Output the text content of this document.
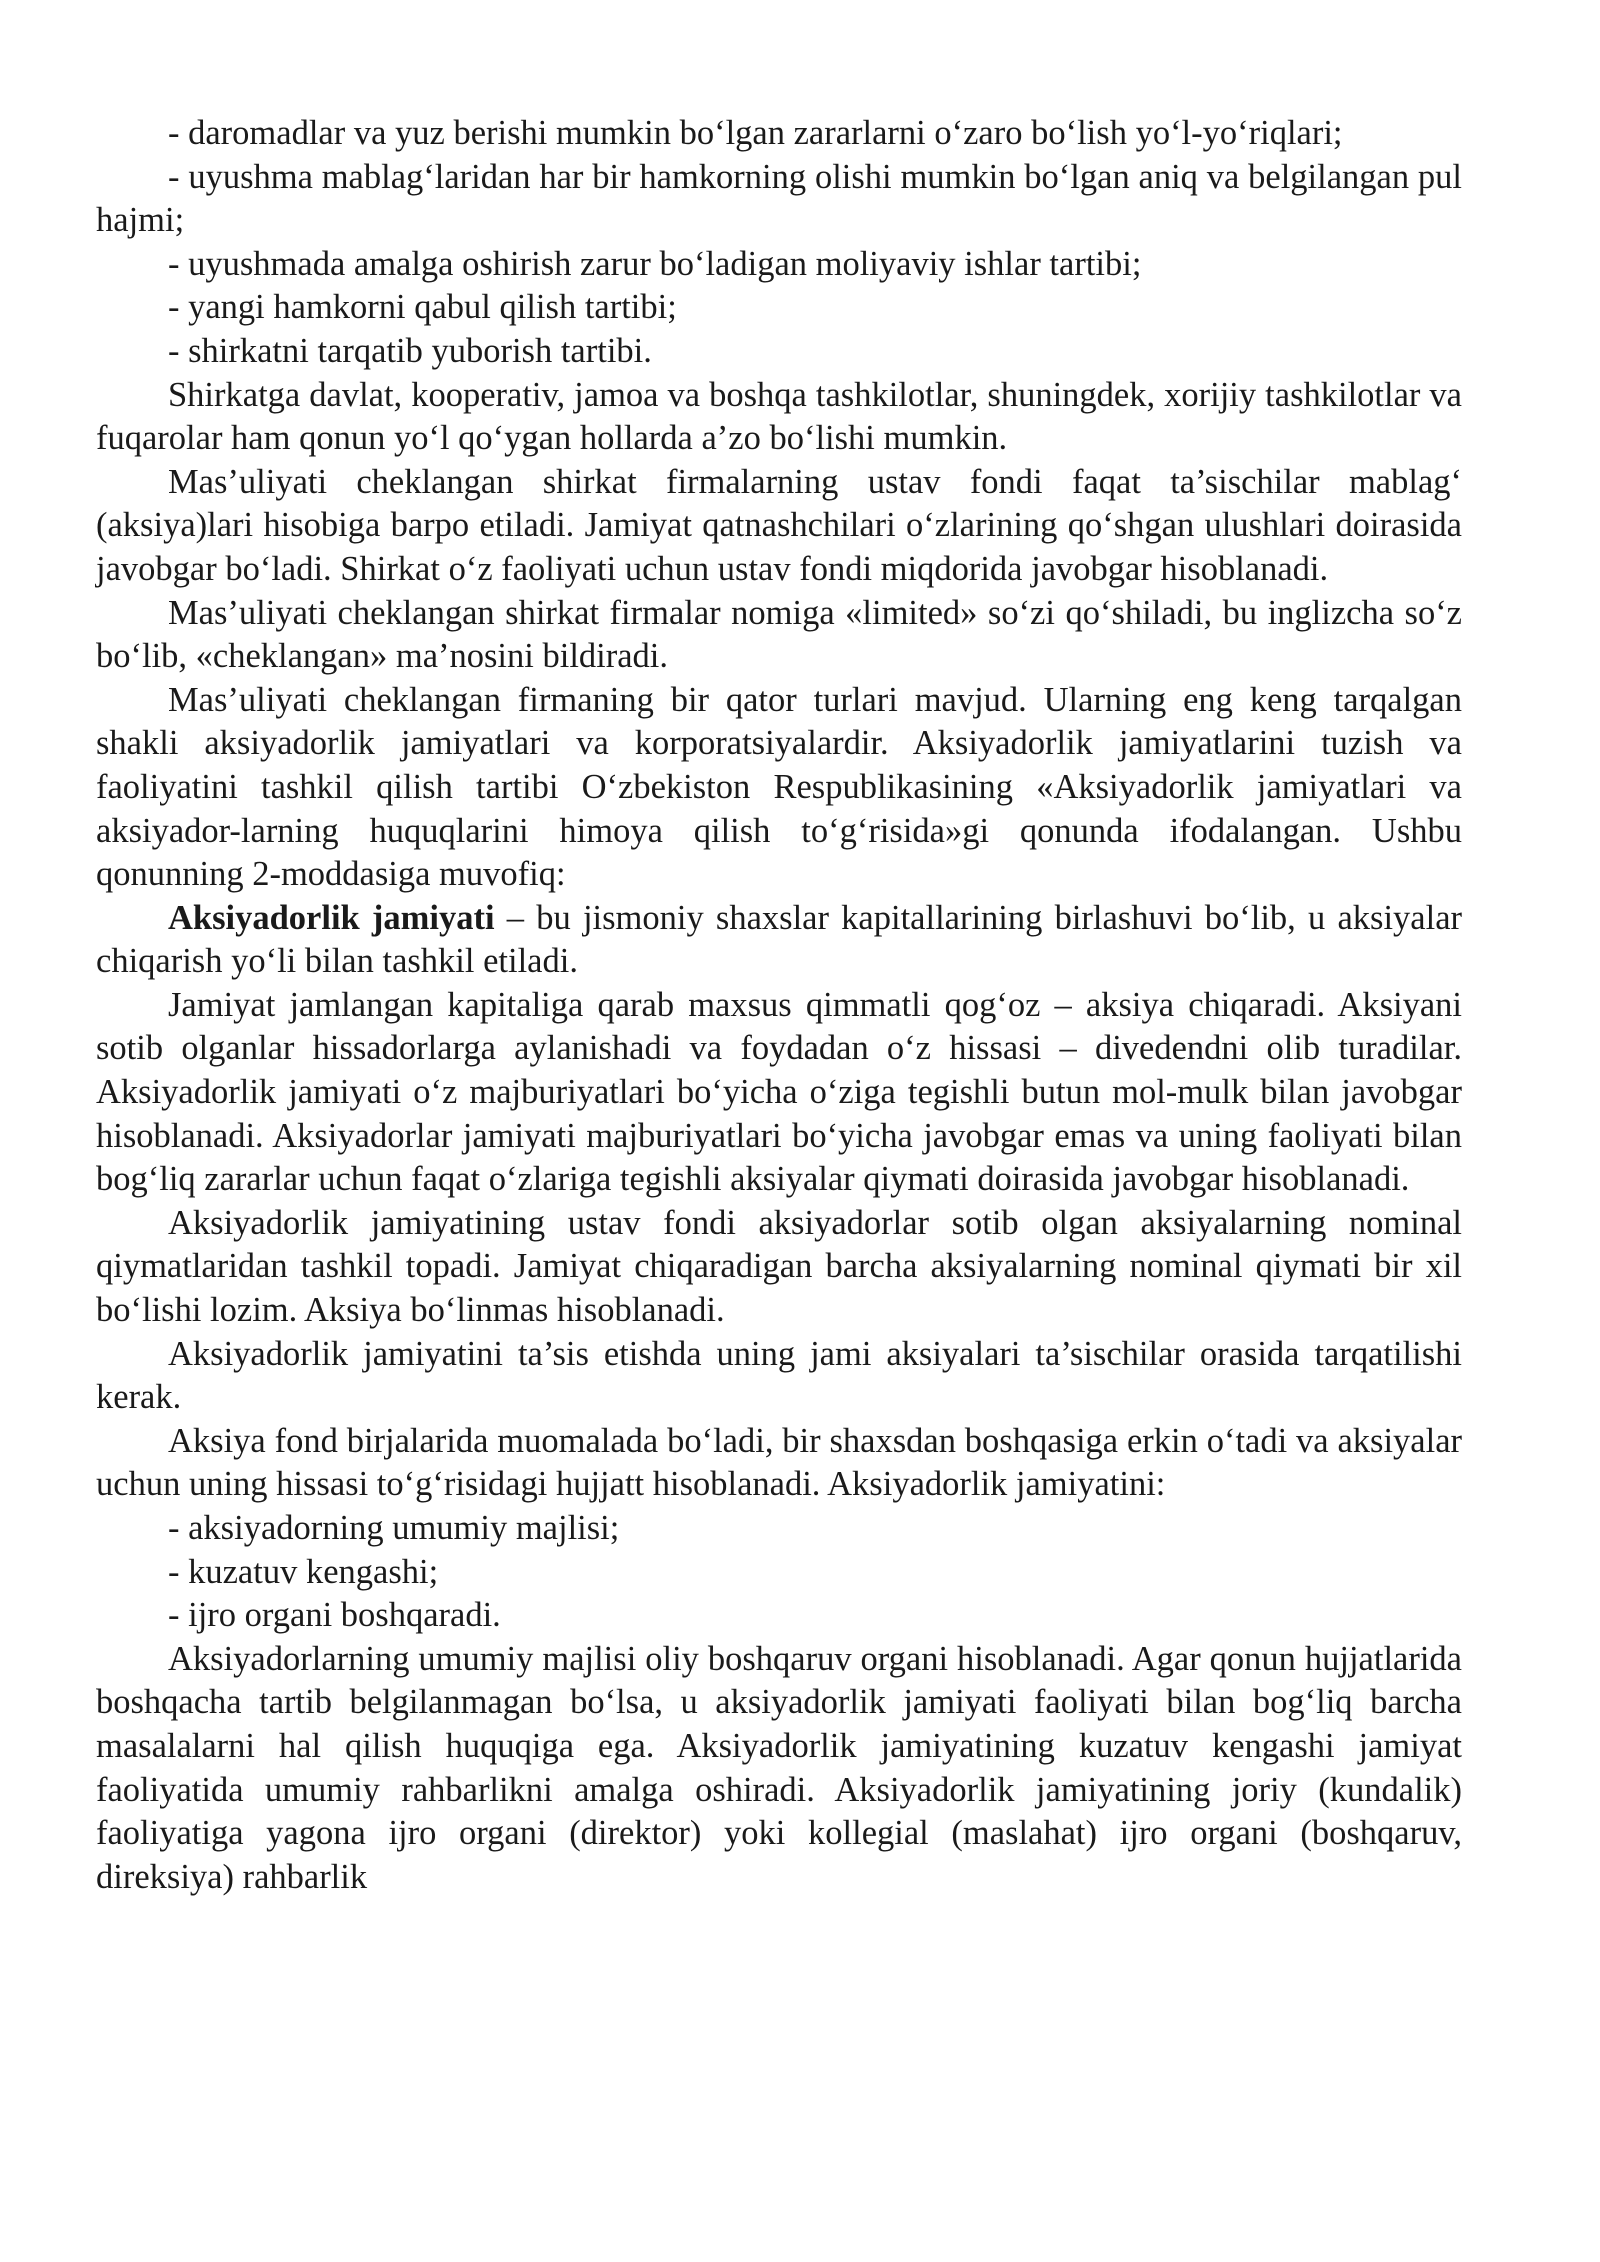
- daromadlar va yuz berishi mumkin bo‘lgan zararlarni o‘zaro bo‘lish yo‘l-yo‘riqlari;

- uyushma mablag‘laridan har bir hamkorning olishi mumkin bo‘lgan aniq va belgilangan pul hajmi;

- uyushmada amalga oshirish zarur bo‘ladigan moliyaviy ishlar tartibi;

- yangi hamkorni qabul qilish tartibi;

- shirkatni tarqatib yuborish tartibi.

Shirkatga davlat, kooperativ, jamoa va boshqa tashkilotlar, shuningdek, xorijiy tashkilotlar va fuqarolar ham qonun yo‘l qo‘ygan hollarda a’zo bo‘lishi mumkin.

Mas’uliyati cheklangan shirkat firmalarning ustav fondi faqat ta’sischilar mablag‘ (aksiya)lari hisobiga barpo etiladi. Jamiyat qatnashchilari o‘zlarining qo‘shgan ulushlari doirasida javobgar bo‘ladi. Shirkat o‘z faoliyati uchun ustav fondi miqdorida javobgar hisoblanadi.

Mas’uliyati cheklangan shirkat firmalar nomiga «limited» so‘zi qo‘shiladi, bu inglizcha so‘z bo‘lib, «cheklangan» ma’nosini bildiradi.

Mas’uliyati cheklangan firmaning bir qator turlari mavjud. Ularning eng keng tarqalgan shakli aksiyadorlik jamiyatlari va korporatsiyalardir. Aksiyadorlik jamiyatlarini tuzish va faoliyatini tashkil qilish tartibi O‘zbekiston Respublikasining «Aksiyadorlik jamiyatlari va aksiyador-larning huquqlarini himoya qilish to‘g‘risida»gi qonunda ifodalangan. Ushbu qonunning 2-moddasiga muvofiq:

Aksiyadorlik jamiyati – bu jismoniy shaxslar kapitallarining birlashuvi bo‘lib, u aksiyalar chiqarish yo‘li bilan tashkil etiladi.

Jamiyat jamlangan kapitaliga qarab maxsus qimmatli qog‘oz – aksiya chiqaradi. Aksiyani sotib olganlar hissadorlarga aylanishadi va foydadan o‘z hissasi – divedendni olib turadilar. Aksiyadorlik jamiyati o‘z majburiyatlari bo‘yicha o‘ziga tegishli butun mol-mulk bilan javobgar hisoblanadi. Aksiyadorlar jamiyati majburiyatlari bo‘yicha javobgar emas va uning faoliyati bilan bog‘liq zararlar uchun faqat o‘zlariga tegishli aksiyalar qiymati doirasida javobgar hisoblanadi.

Aksiyadorlik jamiyatining ustav fondi aksiyadorlar sotib olgan aksiyalarning nominal qiymatlaridan tashkil topadi. Jamiyat chiqaradigan barcha aksiyalarning nominal qiymati bir xil bo‘lishi lozim. Aksiya bo‘linmas hisoblanadi.

Aksiyadorlik jamiyatini ta’sis etishda uning jami aksiyalari ta’sischilar orasida tarqatilishi kerak.

Aksiya fond birjalarida muomalada bo‘ladi, bir shaxsdan boshqasiga erkin o‘tadi va aksiyalar uchun uning hissasi to‘g‘risidagi hujjatt hisoblanadi. Aksiyadorlik jamiyatini:

- aksiyadorning umumiy majlisi;

- kuzatuv kengashi;

- ijro organi boshqaradi.

Aksiyadorlarning umumiy majlisi oliy boshqaruv organi hisoblanadi. Agar qonun hujjatlarida boshqacha tartib belgilanmagan bo‘lsa, u aksiyadorlik jamiyati faoliyati bilan bog‘liq barcha masalalarni hal qilish huquqiga ega. Aksiyadorlik jamiyatining kuzatuv kengashi jamiyat faoliyatida umumiy rahbarlikni amalga oshiradi. Aksiyadorlik jamiyatining joriy (kundalik) faoliyatiga yagona ijro organi (direktor) yoki kollegial (maslahat) ijro organi (boshqaruv, direksiya) rahbarlik
